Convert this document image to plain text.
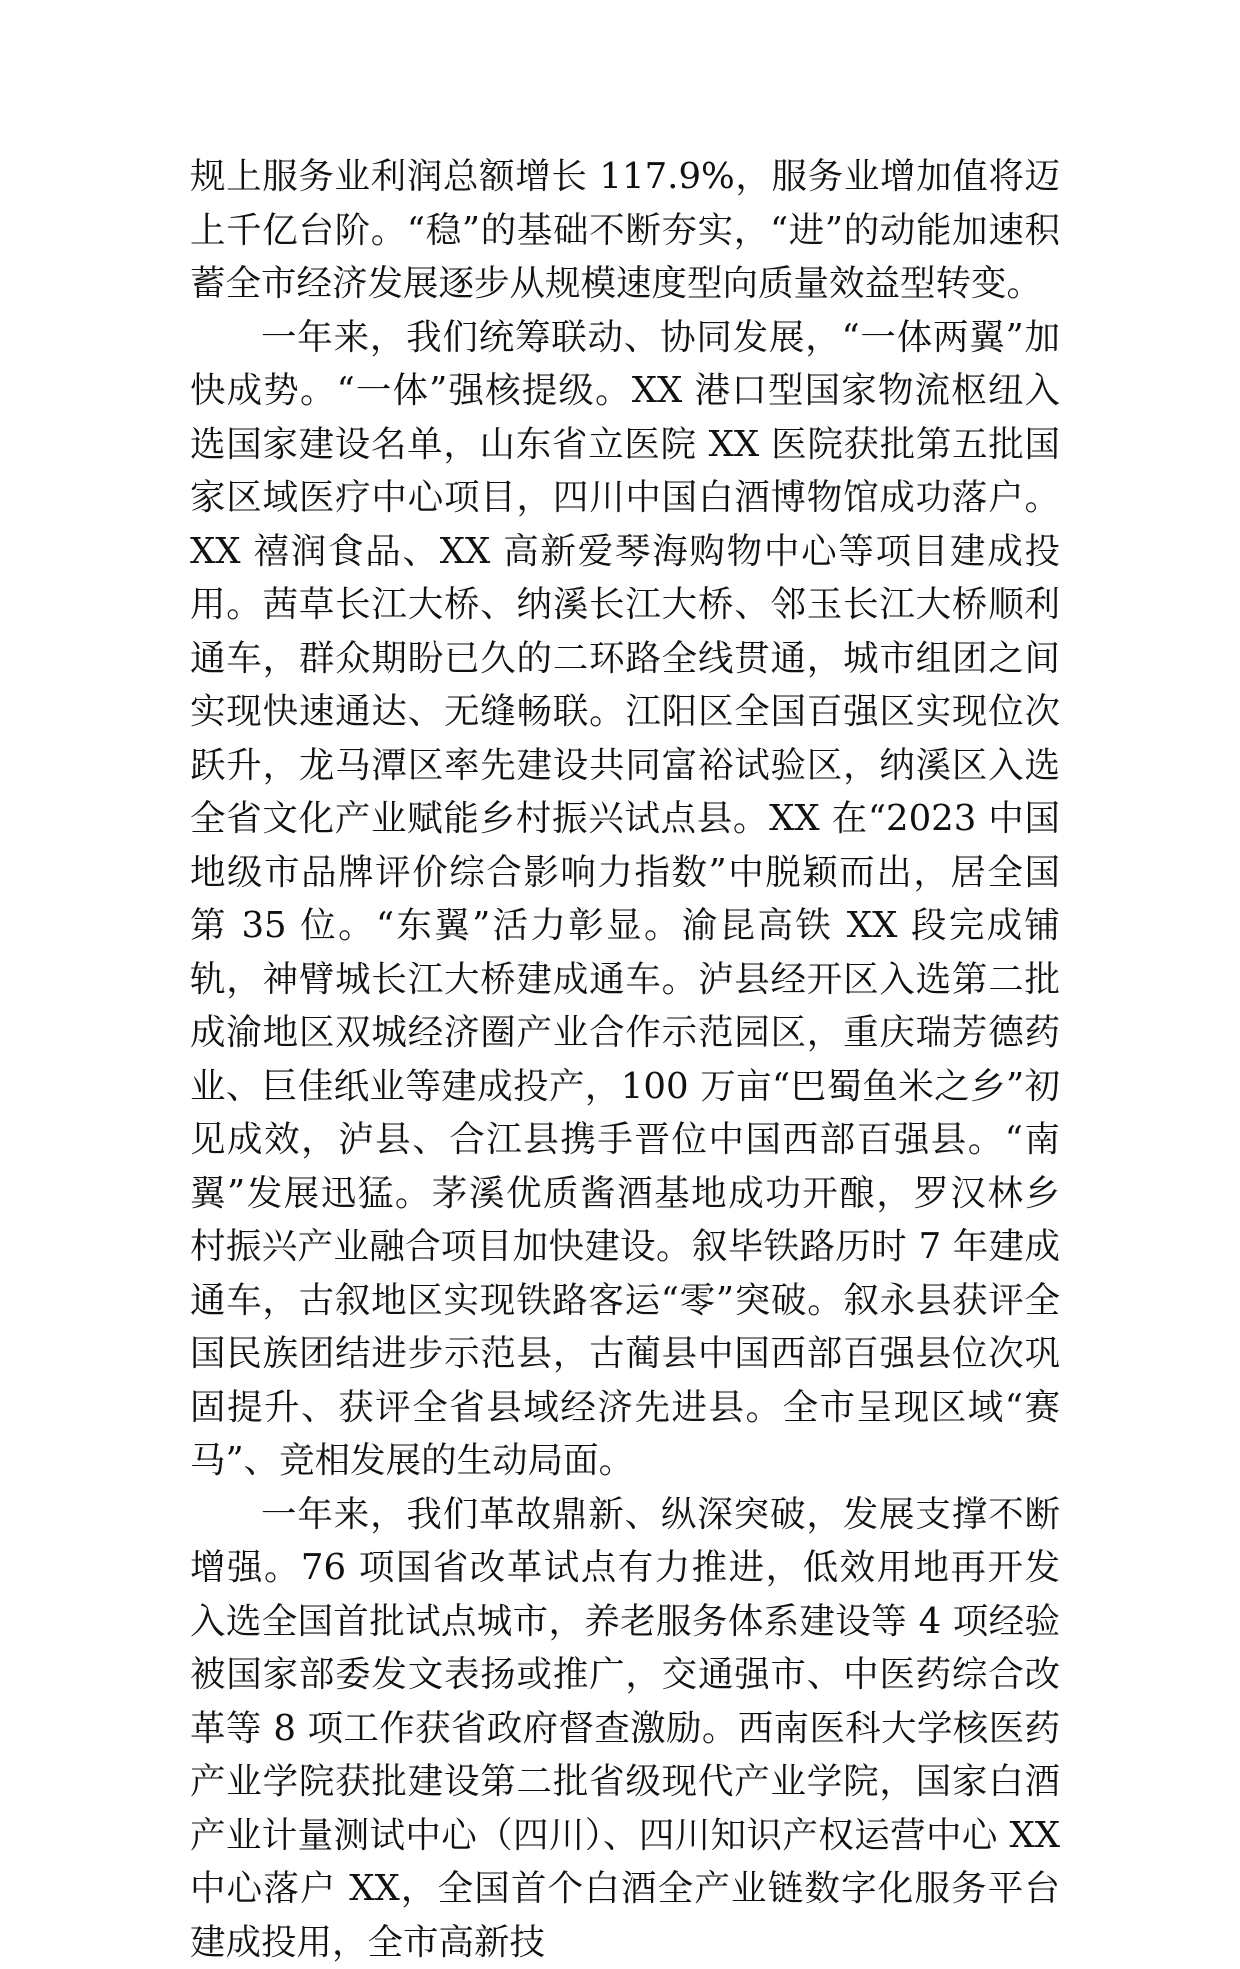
规上服务业利润总额增长 117.9%，服务业增加值将迈上千亿台阶。“稳”的基础不断夯实，“进”的动能加速积蓄全市经济发展逐步从规模速度型向质量效益型转变。

一年来，我们统筹联动、协同发展，“一体两翼”加快成势。“一体”强核提级。XX 港口型国家物流枢纽入选国家建设名单，山东省立医院 XX 医院获批第五批国家区域医疗中心项目，四川中国白酒博物馆成功落户。XX 禧润食品、XX 高新爱琴海购物中心等项目建成投用。茜草长江大桥、纳溪长江大桥、邻玉长江大桥顺利通车，群众期盼已久的二环路全线贯通，城市组团之间实现快速通达、无缝畅联。江阳区全国百强区实现位次跃升，龙马潭区率先建设共同富裕试验区，纳溪区入选全省文化产业赋能乡村振兴试点县。XX 在“2023 中国地级市品牌评价综合影响力指数”中脱颖而出，居全国第 35 位。“东翼”活力彰显。渝昆高铁 XX 段完成铺轨，神臂城长江大桥建成通车。泸县经开区入选第二批成渝地区双城经济圈产业合作示范园区，重庆瑞芳德药业、巨佳纸业等建成投产，100 万亩“巴蜀鱼米之乡”初见成效，泸县、合江县携手晋位中国西部百强县。“南翼”发展迅猛。茅溪优质酱酒基地成功开酿，罗汉林乡村振兴产业融合项目加快建设。叙毕铁路历时 7 年建成通车，古叙地区实现铁路客运“零”突破。叙永县获评全国民族团结进步示范县，古蔺县中国西部百强县位次巩固提升、获评全省县域经济先进县。全市呈现区域“赛马”、竞相发展的生动局面。

一年来，我们革故鼎新、纵深突破，发展支撑不断增强。76 项国省改革试点有力推进，低效用地再开发入选全国首批试点城市，养老服务体系建设等 4 项经验被国家部委发文表扬或推广，交通强市、中医药综合改革等 8 项工作获省政府督查激励。西南医科大学核医药产业学院获批建设第二批省级现代产业学院，国家白酒产业计量测试中心（四川）、四川知识产权运营中心 XX 中心落户 XX，全国首个白酒全产业链数字化服务平台建成投用，全市高新技
